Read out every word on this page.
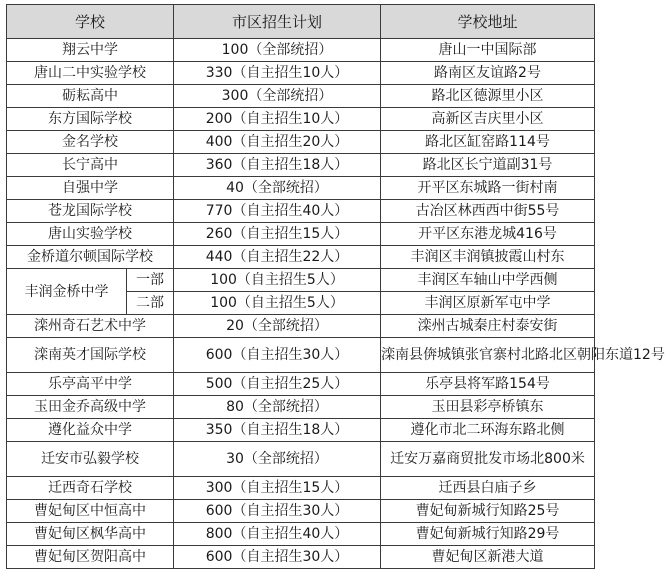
学校		市区招生计划	学校地址
翔云中学		100（全部统招）	唐山一中国际部
唐山二中实验学校		330（自主招生10人）	路南区友谊路2号
砺耘高中		300（全部统招）	路北区德源里小区
东方国际学校		200（自主招生10人）	高新区吉庆里小区
金名学校		400（自主招生20人）	路北区缸窑路114号
长宁高中		360（自主招生18人）	路北区长宁道副31号
自强中学		40（全部统招）	开平区东城路一街村南
苍龙国际学校		770（自主招生40人）	古冶区林西西中街55号
唐山实验学校		260（自主招生15人）	开平区东港龙城416号
金桥道尔顿国际学校		440（自主招生22人）	丰润区丰润镇披霞山村东
丰润金桥中学	一部	100（自主招生5人）	丰润区车轴山中学西侧
	二部	100（自主招生5人）	丰润区原新军屯中学
滦州奇石艺术中学		20（全部统招）	滦州古城秦庄村泰安街
滦南英才国际学校		600（自主招生30人）	滦南县倴城镇张官寨村北路北区朝阳东道12号
乐亭高平中学		500（自主招生25人）	乐亭县将军路154号
玉田金乔高级中学		80（全部统招）	玉田县彩亭桥镇东
遵化益众中学		350（自主招生18人）	遵化市北二环海东路北侧
迁安市弘毅学校		30（全部统招）	迁安万嘉商贸批发市场北800米
迁西奇石学校		300（自主招生15人）	迁西县白庙子乡
曹妃甸区中恒高中		600（自主招生30人）	曹妃甸新城行知路25号
曹妃甸区枫华高中		800（自主招生40人）	曹妃甸新城行知路29号
曹妃甸区贺阳高中		600（自主招生30人）	曹妃甸区新港大道
